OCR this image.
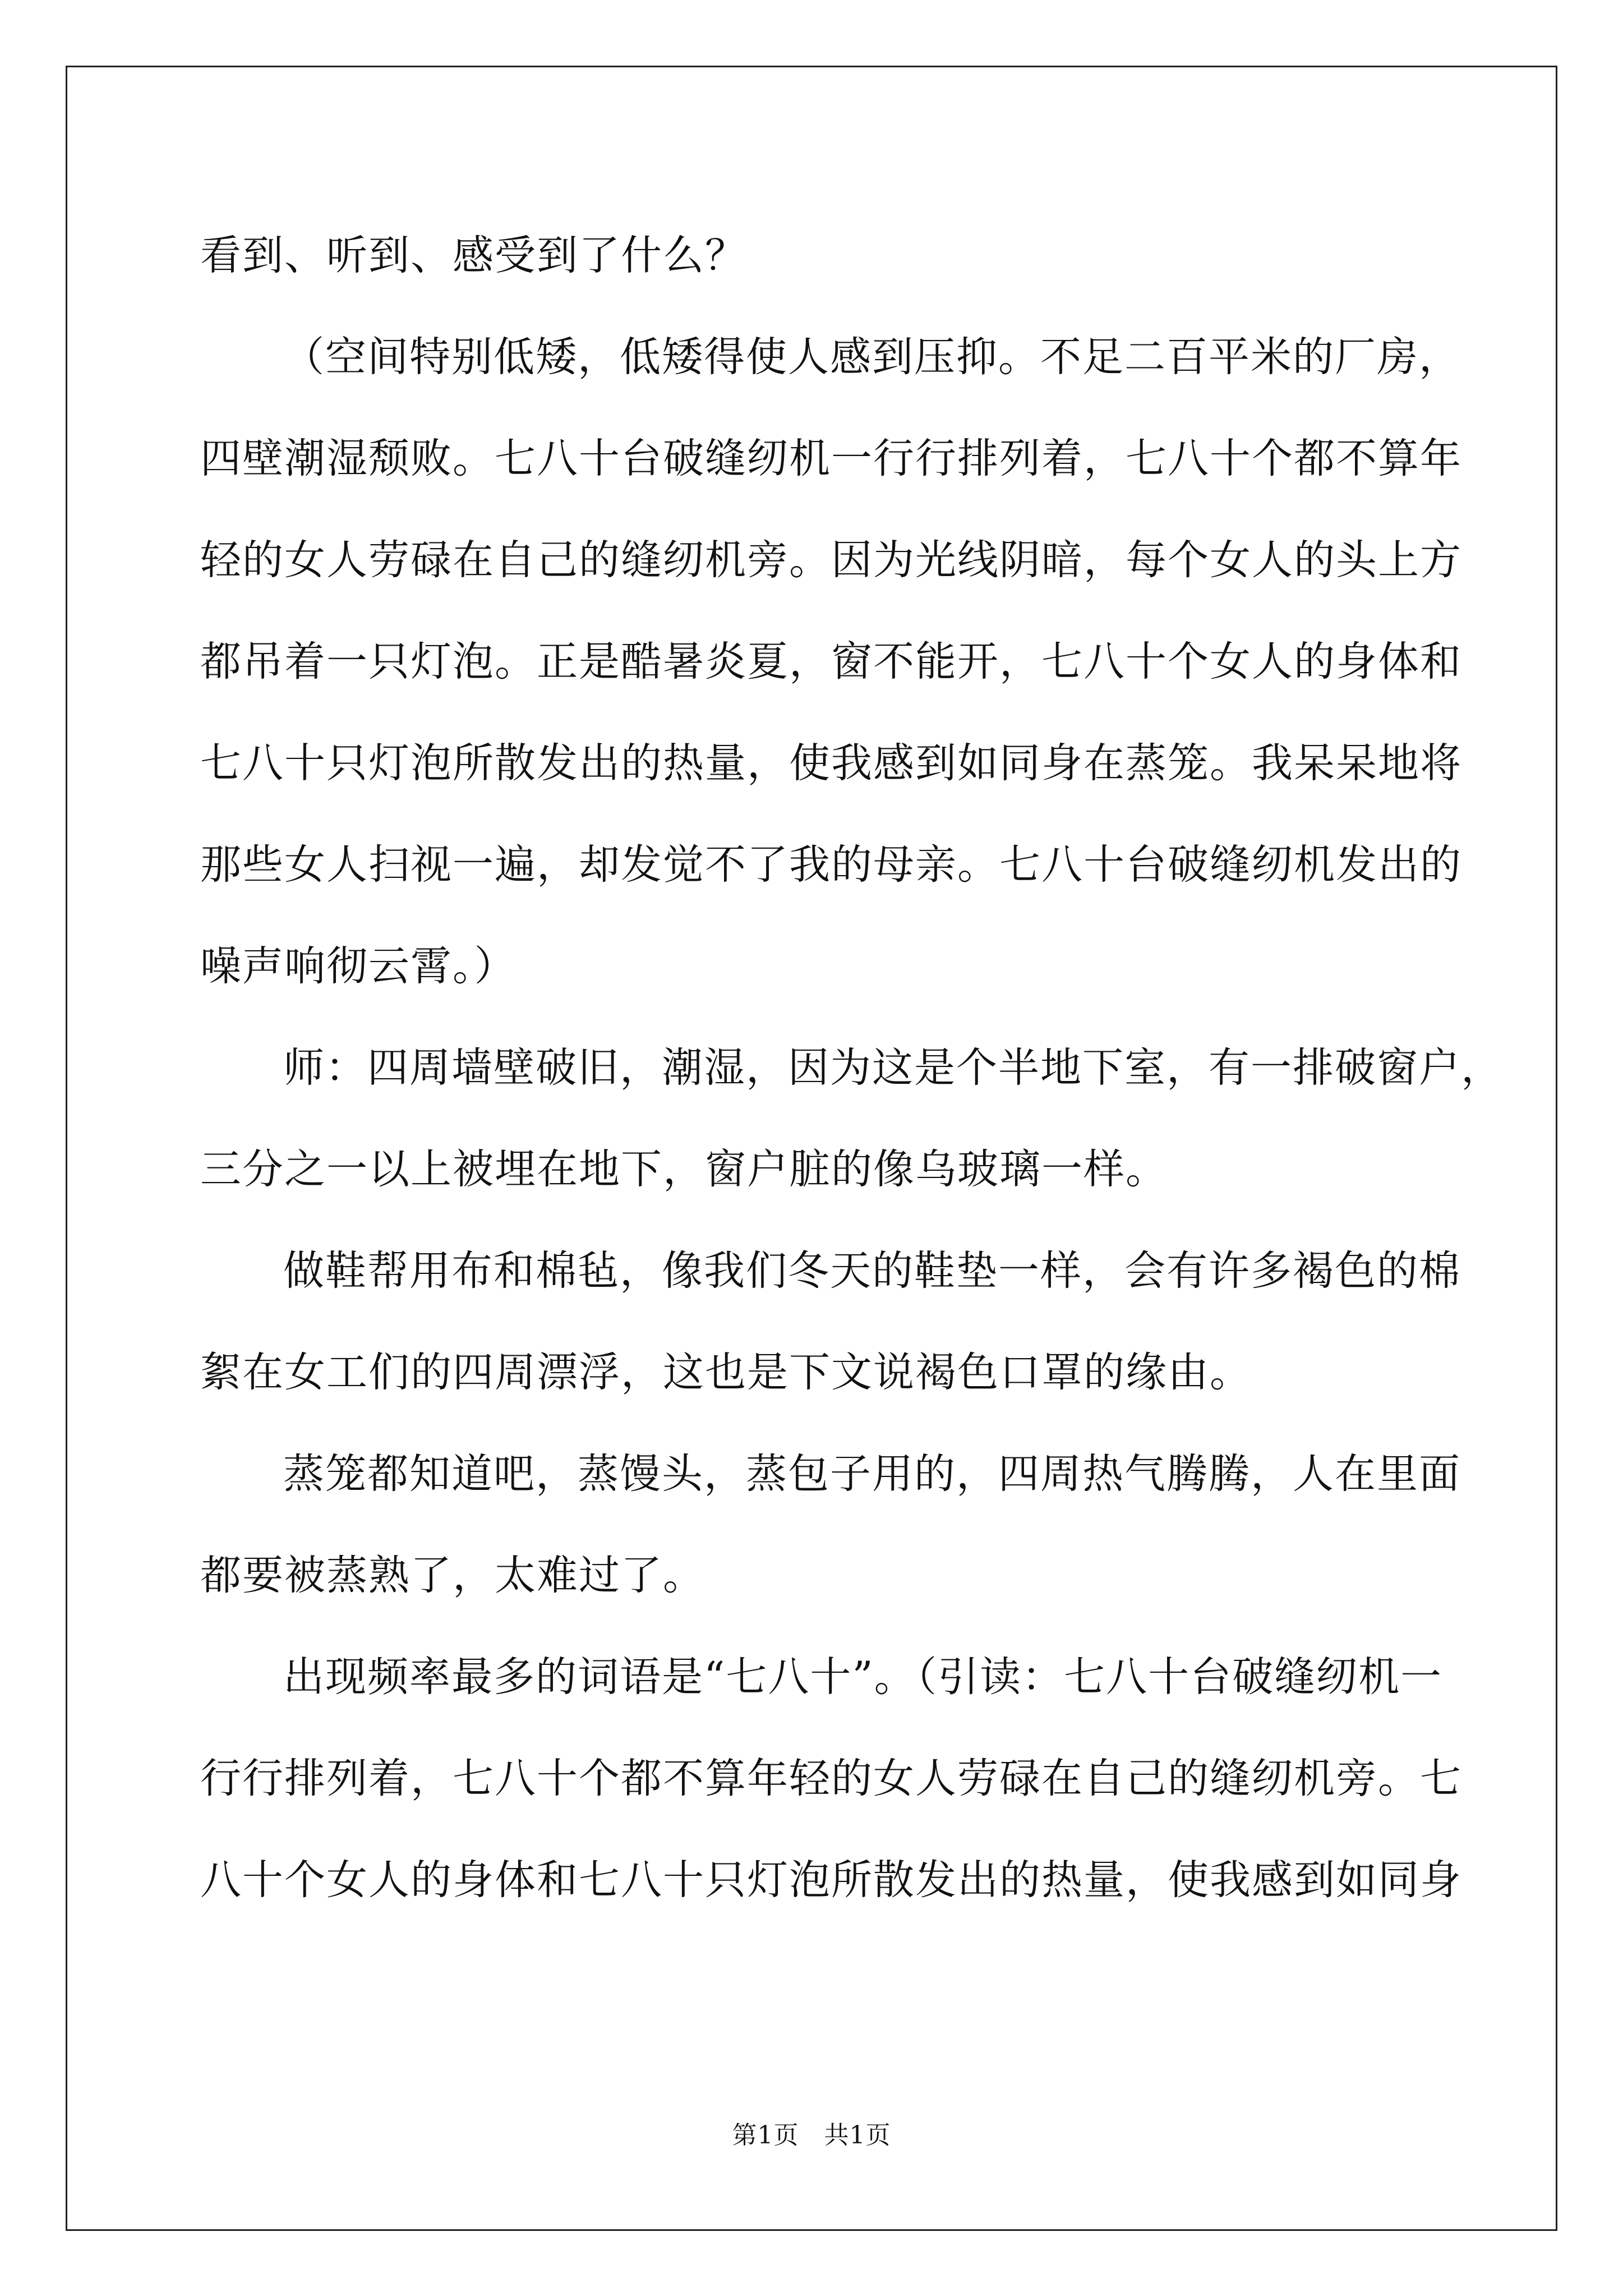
看到、听到、感受到了什么？
（空间特别低矮，低矮得使人感到压抑。不足二百平米的厂房，
四壁潮湿颓败。七八十台破缝纫机一行行排列着，七八十个都不算年
轻的女人劳碌在自己的缝纫机旁。因为光线阴暗，每个女人的头上方
都吊着一只灯泡。正是酷暑炎夏，窗不能开，七八十个女人的身体和
七八十只灯泡所散发出的热量，使我感到如同身在蒸笼。我呆呆地将
那些女人扫视一遍，却发觉不了我的母亲。七八十台破缝纫机发出的
噪声响彻云霄。）
师：四周墙壁破旧，潮湿，因为这是个半地下室，有一排破窗户，
三分之一以上被埋在地下，窗户脏的像乌玻璃一样。
做鞋帮用布和棉毡，像我们冬天的鞋垫一样，会有许多褐色的棉
絮在女工们的四周漂浮，这也是下文说褐色口罩的缘由。
蒸笼都知道吧，蒸馒头，蒸包子用的，四周热气腾腾，人在里面
都要被蒸熟了，太难过了。
出现频率最多的词语是“七八十”。（引读：七八十台破缝纫机一
行行排列着，七八十个都不算年轻的女人劳碌在自己的缝纫机旁。七
八十个女人的身体和七八十只灯泡所散发出的热量，使我感到如同身
第1页　共1页
